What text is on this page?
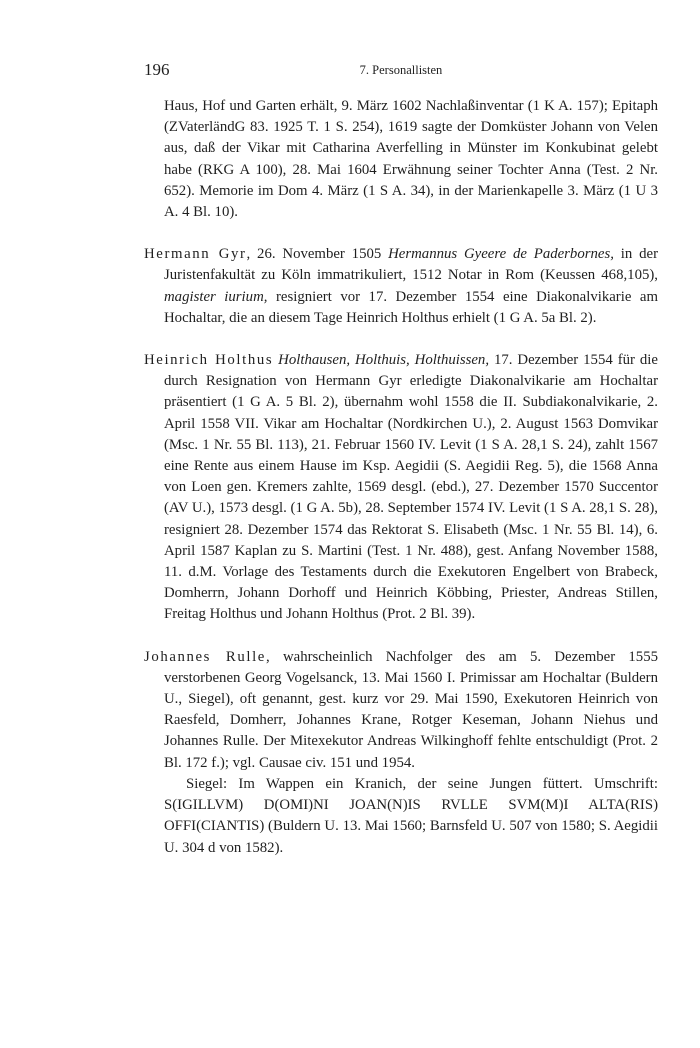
196	7. Personallisten

Haus, Hof und Garten erhält, 9. März 1602 Nachlaßinventar (1 K A. 157); Epitaph (ZVaterländG 83. 1925 T. 1 S. 254), 1619 sagte der Domküster Johann von Velen aus, daß der Vikar mit Catharina Averfelling in Münster im Konkubinat gelebt habe (RKG A 100), 28. Mai 1604 Erwähnung seiner Tochter Anna (Test. 2 Nr. 652). Memorie im Dom 4. März (1 S A. 34), in der Marienkapelle 3. März (1 U 3 A. 4 Bl. 10).

Hermann Gyr, 26. November 1505 Hermannus Gyeere de Paderbornes, in der Juristenfakultät zu Köln immatrikuliert, 1512 Notar in Rom (Keussen 468,105), magister iurium, resigniert vor 17. Dezember 1554 eine Diakonalvikarie am Hochaltar, die an diesem Tage Heinrich Holthus erhielt (1 G A. 5a Bl. 2).

Heinrich Holthus Holthausen, Holthuis, Holthuissen, 17. Dezember 1554 für die durch Resignation von Hermann Gyr erledigte Diakonalvikarie am Hochaltar präsentiert (1 G A. 5 Bl. 2), übernahm wohl 1558 die II. Subdiakonalvikarie, 2. April 1558 VII. Vikar am Hochaltar (Nordkirchen U.), 2. August 1563 Domvikar (Msc. 1 Nr. 55 Bl. 113), 21. Februar 1560 IV. Levit (1 S A. 28,1 S. 24), zahlt 1567 eine Rente aus einem Hause im Ksp. Aegidii (S. Aegidii Reg. 5), die 1568 Anna von Loen gen. Kremers zahlte, 1569 desgl. (ebd.), 27. Dezember 1570 Succentor (AV U.), 1573 desgl. (1 G A. 5b), 28. September 1574 IV. Levit (1 S A. 28,1 S. 28), resigniert 28. Dezember 1574 das Rektorat S. Elisabeth (Msc. 1 Nr. 55 Bl. 14), 6. April 1587 Kaplan zu S. Martini (Test. 1 Nr. 488), gest. Anfang November 1588, 11. d.M. Vorlage des Testaments durch die Exekutoren Engelbert von Brabeck, Domherrn, Johann Dorhoff und Heinrich Köbbing, Priester, Andreas Stillen, Freitag Holthus und Johann Holthus (Prot. 2 Bl. 39).

Johannes Rulle, wahrscheinlich Nachfolger des am 5. Dezember 1555 verstorbenen Georg Vogelsanck, 13. Mai 1560 I. Primissar am Hochaltar (Buldern U., Siegel), oft genannt, gest. kurz vor 29. Mai 1590, Exekutoren Heinrich von Raesfeld, Domherr, Johannes Krane, Rotger Keseman, Johann Niehus und Johannes Rulle. Der Mitexekutor Andreas Wilkinghoff fehlte entschuldigt (Prot. 2 Bl. 172 f.); vgl. Causae civ. 151 und 1954.

Siegel: Im Wappen ein Kranich, der seine Jungen füttert. Umschrift: S(IGILLVM) D(OMI)NI JOAN(N)IS RVLLE SVM(M)I ALTA(RIS) OFFI(CIANTIS) (Buldern U. 13. Mai 1560; Barnsfeld U. 507 von 1580; S. Aegidii U. 304 d von 1582).
